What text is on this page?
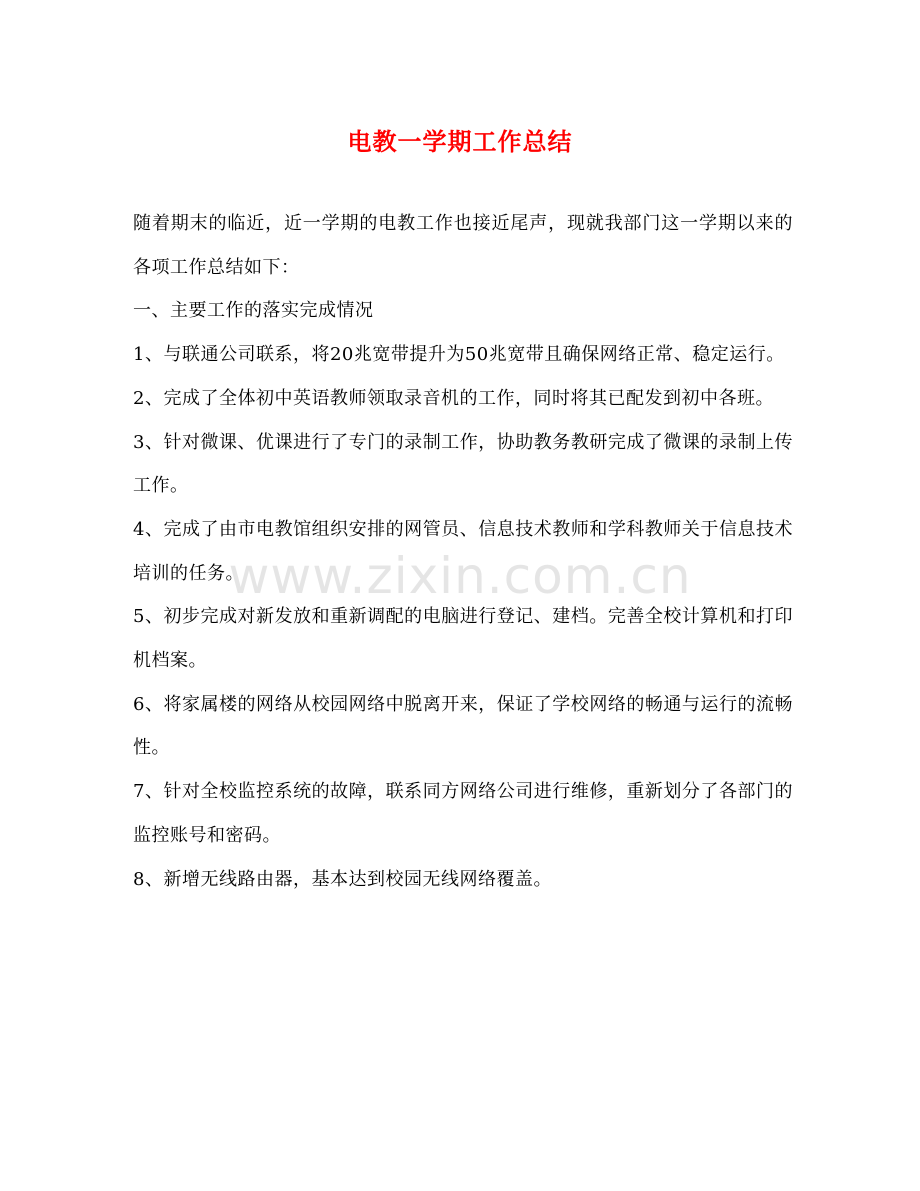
电教一学期工作总结

随着期末的临近，近一学期的电教工作也接近尾声，现就我部门这一学期以来的各项工作总结如下：

一、主要工作的落实完成情况

1、与联通公司联系，将20兆宽带提升为50兆宽带且确保网络正常、稳定运行。

2、完成了全体初中英语教师领取录音机的工作，同时将其已配发到初中各班。

3、针对微课、优课进行了专门的录制工作，协助教务教研完成了微课的录制上传工作。

4、完成了由市电教馆组织安排的网管员、信息技术教师和学科教师关于信息技术培训的任务。

5、初步完成对新发放和重新调配的电脑进行登记、建档。完善全校计算机和打印机档案。

6、将家属楼的网络从校园网络中脱离开来，保证了学校网络的畅通与运行的流畅性。

7、针对全校监控系统的故障，联系同方网络公司进行维修，重新划分了各部门的监控账号和密码。

8、新增无线路由器，基本达到校园无线网络覆盖。

www.zixin.com.cn
